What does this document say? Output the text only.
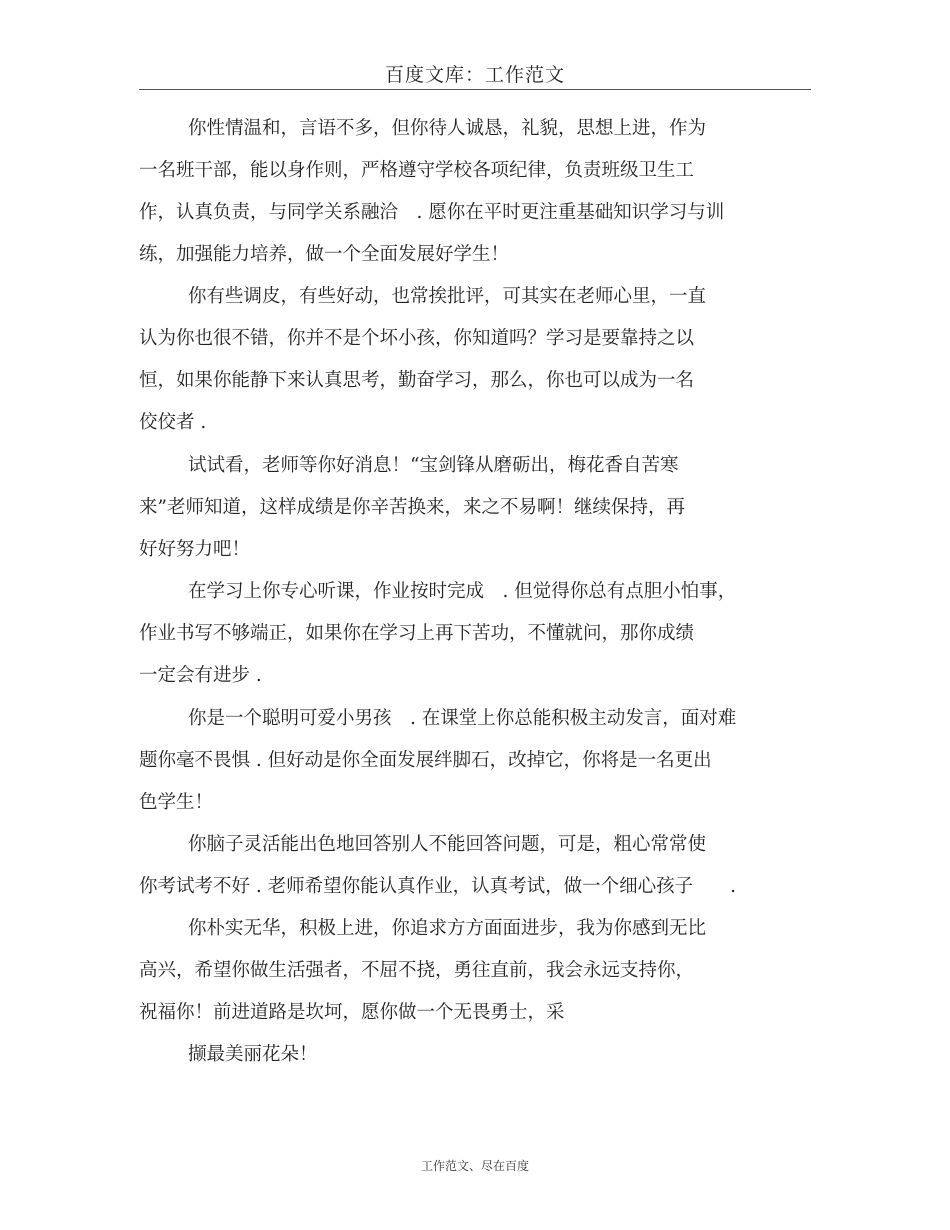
百度文库：工作范文
你性情温和，言语不多，但你待人诚恳，礼貌，思想上进，作为
一名班干部，能以身作则，严格遵守学校各项纪律，负责班级卫生工
作，认真负责，与同学关系融洽　. 愿你在平时更注重基础知识学习与训
练，加强能力培养，做一个全面发展好学生！
你有些调皮，有些好动，也常挨批评，可其实在老师心里，一直
认为你也很不错，你并不是个坏小孩，你知道吗？学习是要靠持之以
恒，如果你能静下来认真思考，勤奋学习，那么，你也可以成为一名
佼佼者 .
试试看，老师等你好消息！“宝剑锋从磨砺出，梅花香自苦寒
来”老师知道，这样成绩是你辛苦换来，来之不易啊！继续保持，再
好好努力吧！
在学习上你专心听课，作业按时完成　. 但觉得你总有点胆小怕事，
作业书写不够端正，如果你在学习上再下苦功，不懂就问，那你成绩
一定会有进步 .
你是一个聪明可爱小男孩　. 在课堂上你总能积极主动发言，面对难
题你毫不畏惧 . 但好动是你全面发展绊脚石，改掉它，你将是一名更出
色学生！
你脑子灵活能出色地回答别人不能回答问题，可是，粗心常常使
你考试考不好 . 老师希望你能认真作业，认真考试，做一个细心孩子　　.
你朴实无华，积极上进，你追求方方面面进步，我为你感到无比
高兴，希望你做生活强者，不屈不挠，勇往直前，我会永远支持你，
祝福你！前进道路是坎坷，愿你做一个无畏勇士，采
撷最美丽花朵！
工作范文、尽在百度
